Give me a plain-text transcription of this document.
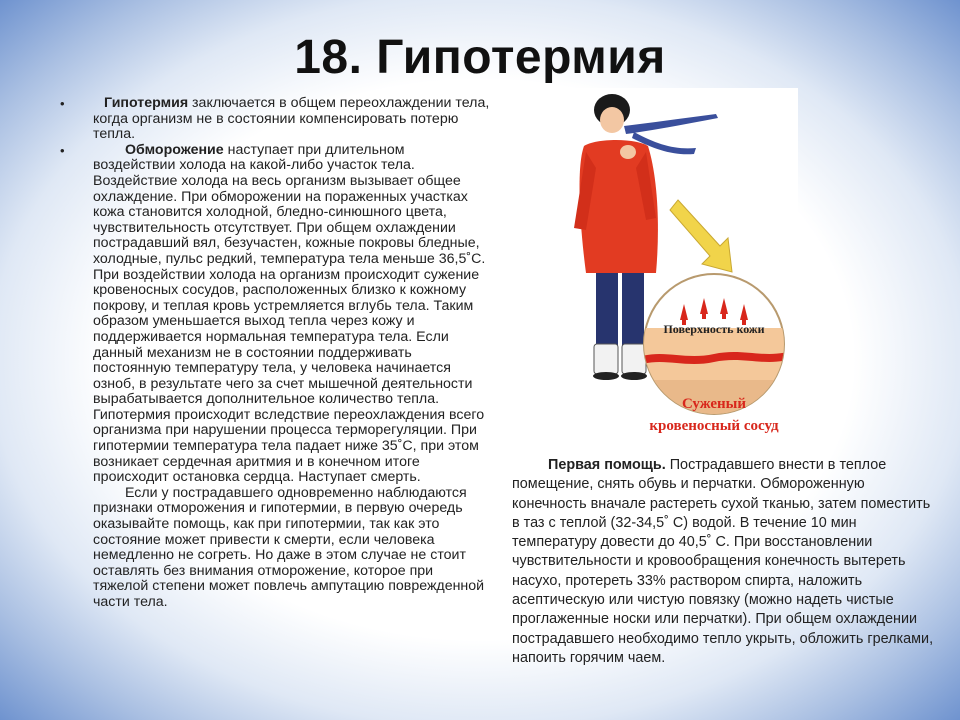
18. Гипотермия
•	Гипотермия заключается в общем переохлаждении тела, когда организм не в состоянии компенсировать потерю тепла.
•	Обморожение наступает при длительном воздействии холода на какой-либо участок тела. Воздействие холода на весь организм вызывает общее охлаждение. При обморожении на пораженных участках кожа становится холодной, бледно-синюшного цвета, чувствительность отсутствует. При общем охлаждении пострадавший вял, безучастен, кожные покровы бледные, холодные, пульс редкий, температура тела меньше 36,5˚С. При воздействии холода на организм происходит сужение кровеносных сосудов, расположенных близко к кожному покрову, и теплая кровь устремляется вглубь тела. Таким образом уменьшается выход тепла через кожу и поддерживается нормальная температура тела. Если данный механизм не в состоянии поддерживать постоянную температуру тела, у человека начинается озноб, в результате чего за счет мышечной деятельности вырабатывается дополнительное количество тепла. Гипотермия происходит вследствие переохлаждения всего организма при нарушении процесса терморегуляции. При гипотермии температура тела падает ниже 35˚С, при этом возникает сердечная аритмия и в конечном итоге происходит остановка сердца. Наступает смерть.
Если у пострадавшего одновременно наблюдаются признаки отморожения и гипотермии, в первую очередь оказывайте помощь, как при гипотермии, так как это состояние может привести к смерти, если человека немедленно не согреть. Но даже в этом случае не стоит оставлять без внимания отморожение, которое при тяжелой степени может повлечь ампутацию поврежденной части тела.
Поверхность кожи
Суженый
кровеносный сосуд
Первая помощь. Пострадавшего внести в теплое помещение, снять обувь и перчатки. Обмороженную конечность вначале растереть сухой тканью, затем поместить в таз с теплой (32-34,5˚ С) водой. В течение 10 мин температуру довести до 40,5˚ С. При восстановлении чувствительности и кровообращения конечность вытереть насухо, протереть 33% раствором спирта, наложить асептическую или чистую повязку (можно надеть чистые проглаженные носки или перчатки). При общем охлаждении пострадавшего необходимо тепло укрыть, обложить грелками, напоить горячим чаем.
